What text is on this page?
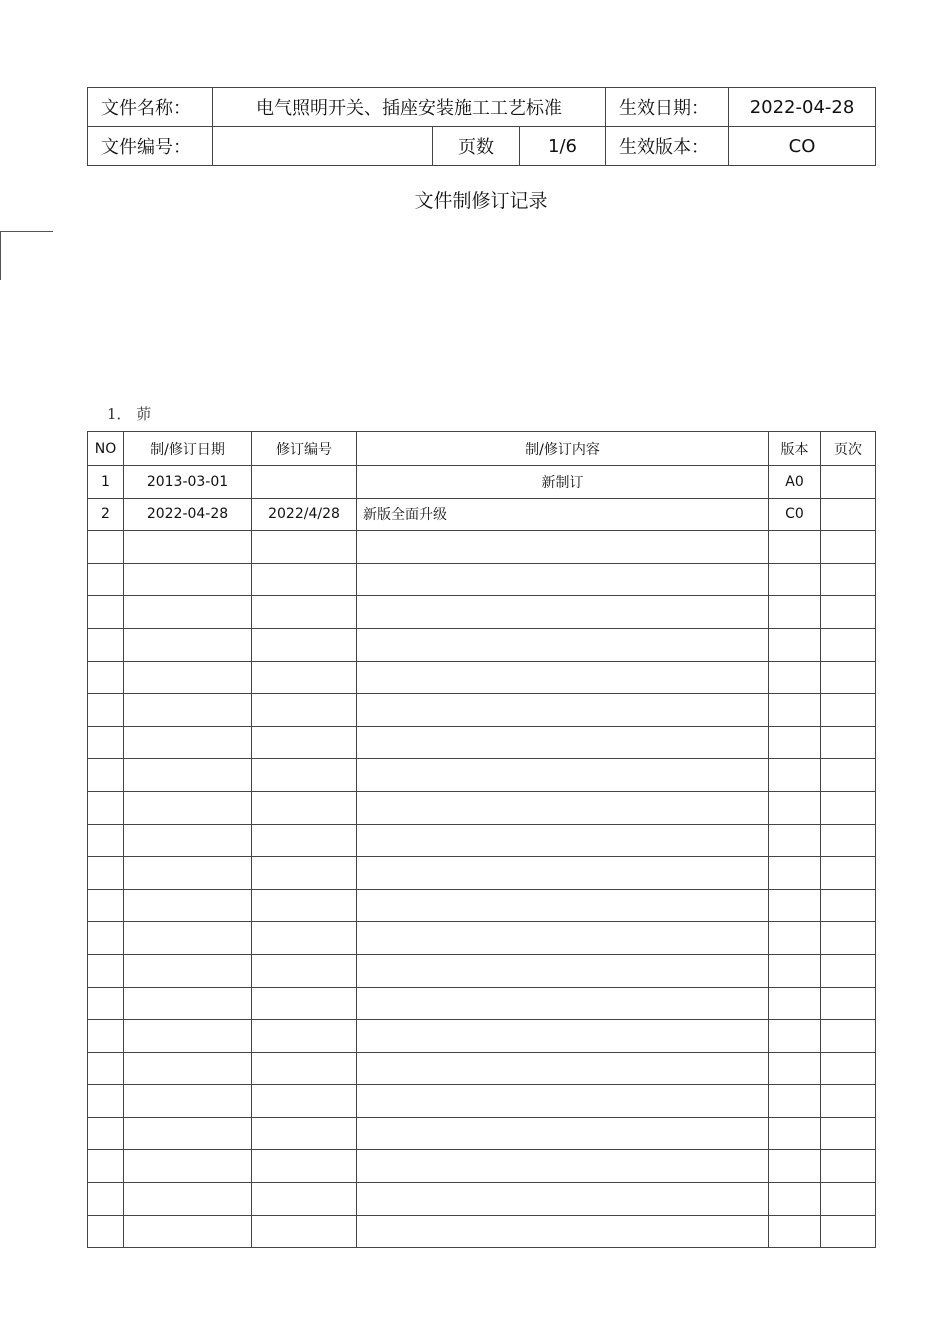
文件名称：	电气照明开关、插座安装施工工艺标准			生效日期：	2022-04-28
文件编号：		页数	1/6	生效版本：	CO
文件制修订记录
1． 茆
NO	制/修订日期	修订编号	制/修订内容	版本	页次
1	2013-03-01		新制订	A0	
2	2022-04-28	2022/4/28	新版全面升级	C0	
